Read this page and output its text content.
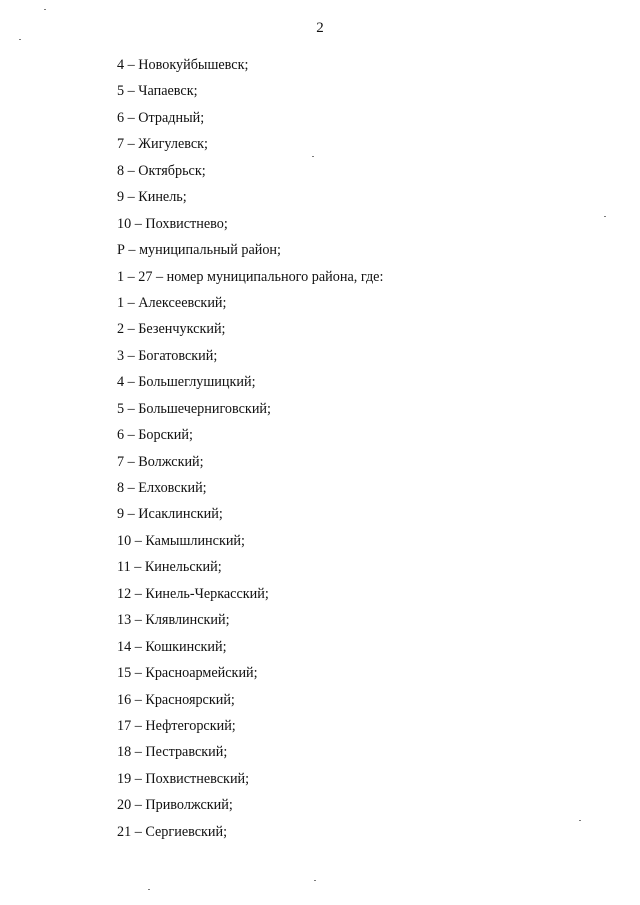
2
4 – Новокуйбышевск;
5 – Чапаевск;
6 – Отрадный;
7 – Жигулевск;
8 – Октябрьск;
9 – Кинель;
10 – Похвистнево;
Р – муниципальный район;
1 – 27 – номер муниципального района, где:
1 – Алексеевский;
2 – Безенчукский;
3 – Богатовский;
4 – Большеглушицкий;
5 – Большечерниговский;
6 – Борский;
7 – Волжский;
8 – Елховский;
9 – Исаклинский;
10 – Камышлинский;
11 – Кинельский;
12 – Кинель-Черкасский;
13 – Клявлинский;
14 – Кошкинский;
15 – Красноармейский;
16 – Красноярский;
17 – Нефтегорский;
18 – Пестравский;
19 – Похвистневский;
20 – Приволжский;
21 – Сергиевский;
